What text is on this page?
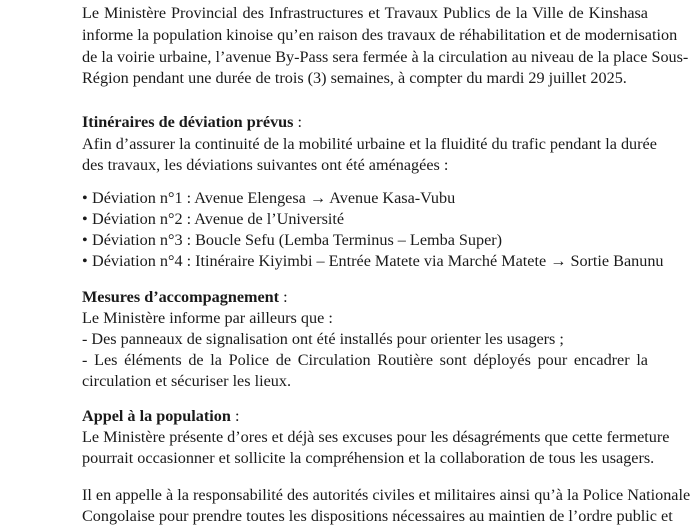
Le Ministère Provincial des Infrastructures et Travaux Publics de la Ville de Kinshasa
informe la population kinoise qu’en raison des travaux de réhabilitation et de modernisation
de la voirie urbaine, l’avenue By-Pass sera fermée à la circulation au niveau de la place Sous-
Région pendant une durée de trois (3) semaines, à compter du mardi 29 juillet 2025.
Itinéraires de déviation prévus :
Afin d’assurer la continuité de la mobilité urbaine et la fluidité du trafic pendant la durée
des travaux, les déviations suivantes ont été aménagées :
• Déviation n°1 : Avenue Elengesa → Avenue Kasa-Vubu
• Déviation n°2 : Avenue de l’Université
• Déviation n°3 : Boucle Sefu (Lemba Terminus – Lemba Super)
• Déviation n°4 : Itinéraire Kiyimbi – Entrée Matete via Marché Matete → Sortie Banunu
Mesures d’accompagnement :
Le Ministère informe par ailleurs que :
- Des panneaux de signalisation ont été installés pour orienter les usagers ;
- Les éléments de la Police de Circulation Routière sont déployés pour encadrer la
circulation et sécuriser les lieux.
Appel à la population :
Le Ministère présente d’ores et déjà ses excuses pour les désagréments que cette fermeture
pourrait occasionner et sollicite la compréhension et la collaboration de tous les usagers.
Il en appelle à la responsabilité des autorités civiles et militaires ainsi qu’à la Police Nationale
Congolaise pour prendre toutes les dispositions nécessaires au maintien de l’ordre public et
